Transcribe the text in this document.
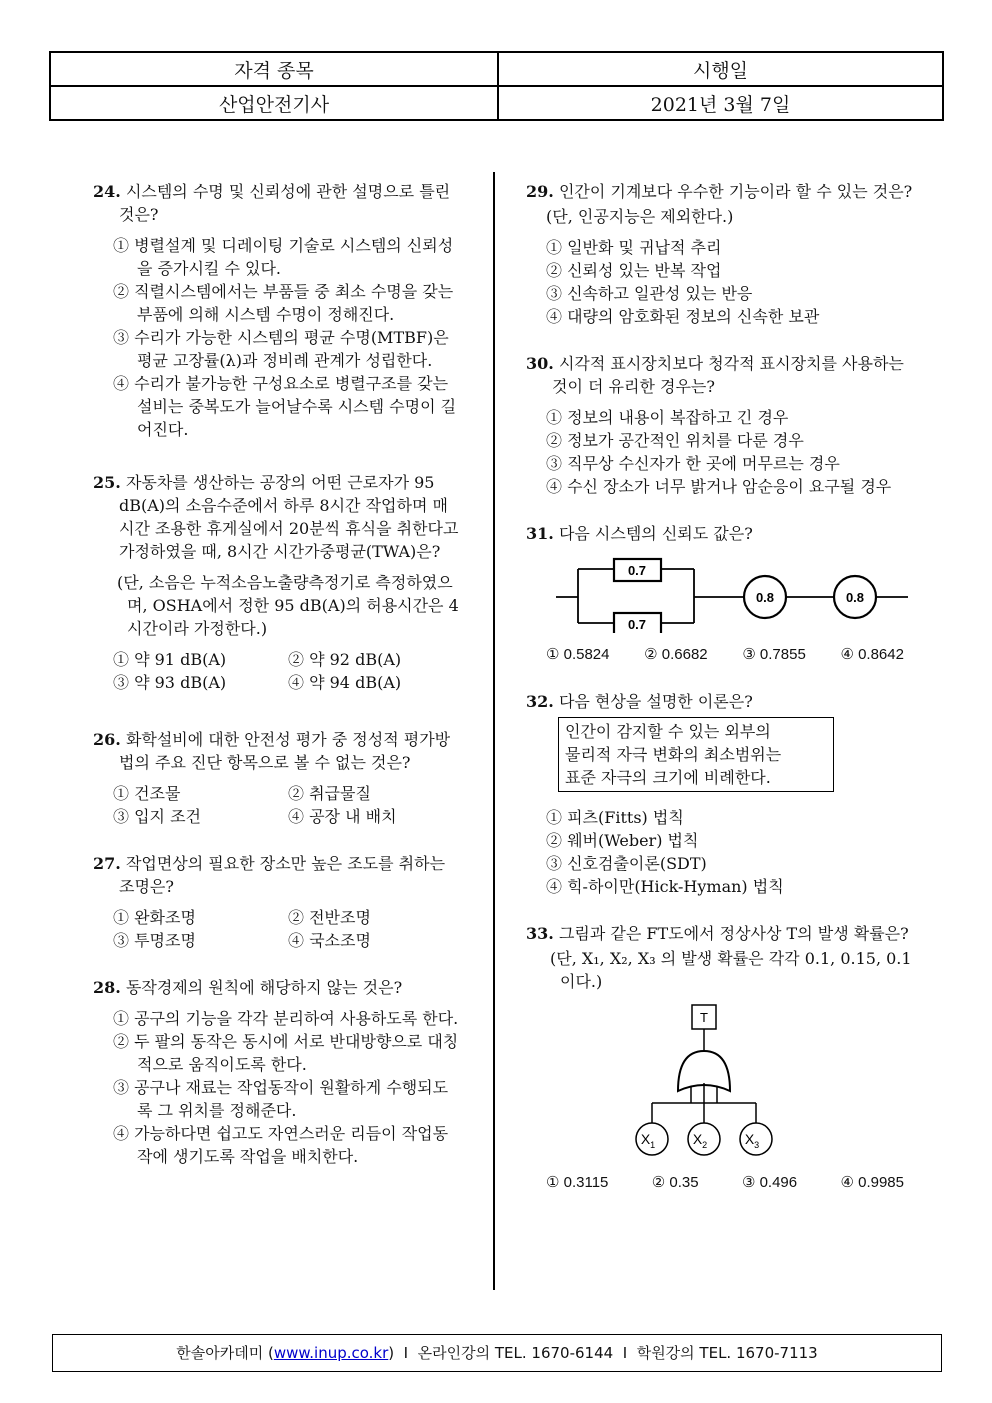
자격 종목	시행일
산업안전기사	2021년 3월 7일

24. 시스템의 수명 및 신뢰성에 관한 설명으로 틀린 것은?

① 병렬설계 및 디레이팅 기술로 시스템의 신뢰성을 증가시킬 수 있다.

② 직렬시스템에서는 부품들 중 최소 수명을 갖는 부품에 의해 시스템 수명이 정해진다.

③ 수리가 가능한 시스템의 평균 수명(MTBF)은 평균 고장률(λ)과 정비례 관계가 성립한다.

④ 수리가 불가능한 구성요소로 병렬구조를 갖는 설비는 중복도가 늘어날수록 시스템 수명이 길어진다.

25. 자동차를 생산하는 공장의 어떤 근로자가 95 dB(A)의 소음수준에서 하루 8시간 작업하며 매 시간 조용한 휴게실에서 20분씩 휴식을 취한다고 가정하였을 때, 8시간 시간가중평균(TWA)은?

(단, 소음은 누적소음노출량측정기로 측정하였으며, OSHA에서 정한 95 dB(A)의 허용시간은 4시간이라 가정한다.)

① 약 91 dB(A)	② 약 92 dB(A)
③ 약 93 dB(A)	④ 약 94 dB(A)

26. 화학설비에 대한 안전성 평가 중 정성적 평가방법의 주요 진단 항목으로 볼 수 없는 것은?

① 건조물	② 취급물질
③ 입지 조건	④ 공장 내 배치

27. 작업면상의 필요한 장소만 높은 조도를 취하는 조명은?

① 완화조명	② 전반조명
③ 투명조명	④ 국소조명

28. 동작경제의 원칙에 해당하지 않는 것은?

① 공구의 기능을 각각 분리하여 사용하도록 한다.

② 두 팔의 동작은 동시에 서로 반대방향으로 대칭적으로 움직이도록 한다.

③ 공구나 재료는 작업동작이 원활하게 수행되도록 그 위치를 정해준다.

④ 가능하다면 쉽고도 자연스러운 리듬이 작업동작에 생기도록 작업을 배치한다.

29. 인간이 기계보다 우수한 기능이라 할 수 있는 것은?

(단, 인공지능은 제외한다.)

① 일반화 및 귀납적 추리

② 신뢰성 있는 반복 작업

③ 신속하고 일관성 있는 반응

④ 대량의 암호화된 정보의 신속한 보관

30. 시각적 표시장치보다 청각적 표시장치를 사용하는 것이 더 유리한 경우는?

① 정보의 내용이 복잡하고 긴 경우

② 정보가 공간적인 위치를 다룬 경우

③ 직무상 수신자가 한 곳에 머무르는 경우

④ 수신 장소가 너무 밝거나 암순응이 요구될 경우

31. 다음 시스템의 신뢰도 값은?

0.7
0.7
0.8	0.8
① 0.5824 ② 0.6682 ③ 0.7855 ④ 0.8642

32. 다음 현상을 설명한 이론은?

인간이 감지할 수 있는 외부의
물리적 자극 변화의 최소범위는
표준 자극의 크기에 비례한다.

① 피츠(Fitts) 법칙

② 웨버(Weber) 법칙

③ 신호검출이론(SDT)

④ 힉-하이만(Hick-Hyman) 법칙

33. 그림과 같은 FT도에서 정상사상 T의 발생 확률은?

(단, X₁, X₂, X₃ 의 발생 확률은 각각 0.1, 0.15, 0.1 이다.)

T
$X_1$	$X_2$	$X_3$
① 0.3115	② 0.35	③ 0.496	④ 0.9985
한솔아카데미 (www.inup.co.kr)  I 온라인강의 TEL. 1670-6144 I 학원강의 TEL. 1670-7113
